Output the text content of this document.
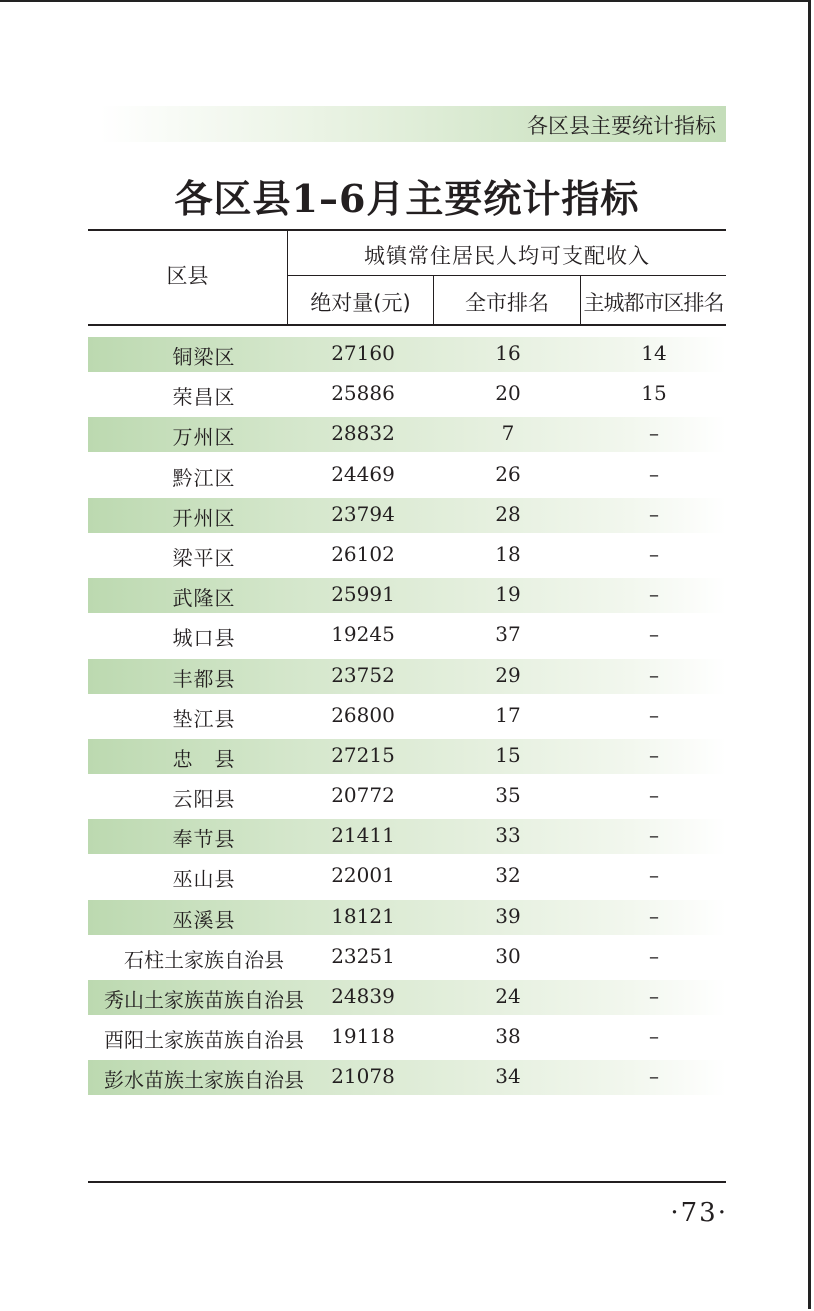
各区县主要统计指标
各区县1–6月主要统计指标
区县
城镇常住居民人均可支配收入
绝对量(元)	全市排名	主城都市区排名
铜梁区	27160	16	14
荣昌区	25886	20	15
万州区	28832	7	–
黔江区	24469	26	–
开州区	23794	28	–
梁平区	26102	18	–
武隆区	25991	19	–
城口县	19245	37	–
丰都县	23752	29	–
垫江县	26800	17	–
忠　县	27215	15	–
云阳县	20772	35	–
奉节县	21411	33	–
巫山县	22001	32	–
巫溪县	18121	39	–
石柱土家族自治县	23251	30	–
秀山土家族苗族自治县	24839	24	–
酉阳土家族苗族自治县	19118	38	–
彭水苗族土家族自治县	21078	34	–
·73·
